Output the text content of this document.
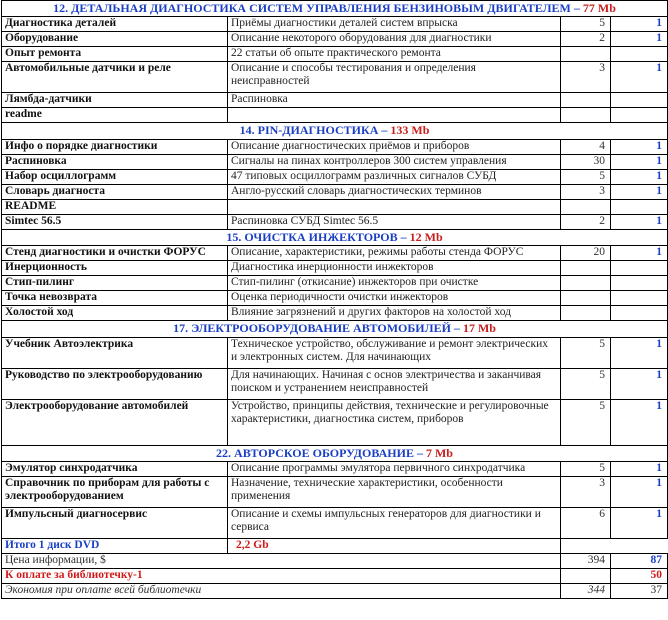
12. ДЕТАЛЬНАЯ ДИАГНОСТИКА СИСТЕМ УПРАВЛЕНИЯ БЕНЗИНОВЫМ ДВИГАТЕЛЕМ – 77 Mb			
Диагностика деталей	Приёмы диагностики деталей систем впрыска	5	1
Оборудование	Описание некоторого оборудования для диагностики	2	1
Опыт ремонта	22 статьи об опыте практического ремонта		
Автомобильные датчики и реле	Описание и способы тестирования и определения неисправностей	3	1
Лямбда-датчики	Распиновка		
readme			
14. PIN-ДИАГНОСТИКА – 133 Mb			
Инфо о порядке диагностики	Описание диагностических приёмов и приборов	4	1
Распиновка	Сигналы на пинах контроллеров 300 систем управления	30	1
Набор осциллограмм	47 типовых осциллограмм различных сигналов СУБД	5	1
Словарь диагноста	Англо-русский словарь диагностических терминов	3	1
README			
Simtec 56.5	Распиновка СУБД Simtec 56.5	2	1
15. ОЧИСТКА ИНЖЕКТОРОВ – 12 Mb			
Стенд диагностики и очистки ФОРУС	Описание, характеристики, режимы работы стенда ФОРУС	20	1
Инерционность	Диагностика инерционности инжекторов		
Стип-пилинг	Стип-пилинг (откисание) инжекторов при очистке		
Точка невозврата	Оценка периодичности очистки инжекторов		
Холостой ход	Влияние загрязнений и других факторов на холостой ход		
17. ЭЛЕКТРООБОРУДОВАНИЕ АВТОМОБИЛЕЙ – 17 Mb			
Учебник Автоэлектрика	Техническое устройство, обслуживание и ремонт электрических и электронных систем. Для начинающих	5	1
Руководство по электрооборудованию	Для начинающих. Начиная с основ электричества и заканчивая поиском и устранением неисправностей	5	1
Электрооборудование автомобилей	Устройство, принципы действия, технические и регулировочные характеристики, диагностика систем, приборов	5	1
22. АВТОРСКОЕ ОБОРУДОВАНИЕ – 7 Mb			
Эмулятор синхродатчика	Описание программы эмулятора первичного синхродатчика	5	1
Справочник по приборам для работы с электрооборудованием	Назначение, технические характеристики, особенности применения	3	1
Импульсный диагносервис	Описание и схемы импульсных генераторов для диагностики и сервиса	6	1
Итого 1 диск DVD	2,2 Gb		
Цена информации, $		394	87
К оплате за библиотечку-1			50
Экономия при оплате всей библиотечки		344	37
